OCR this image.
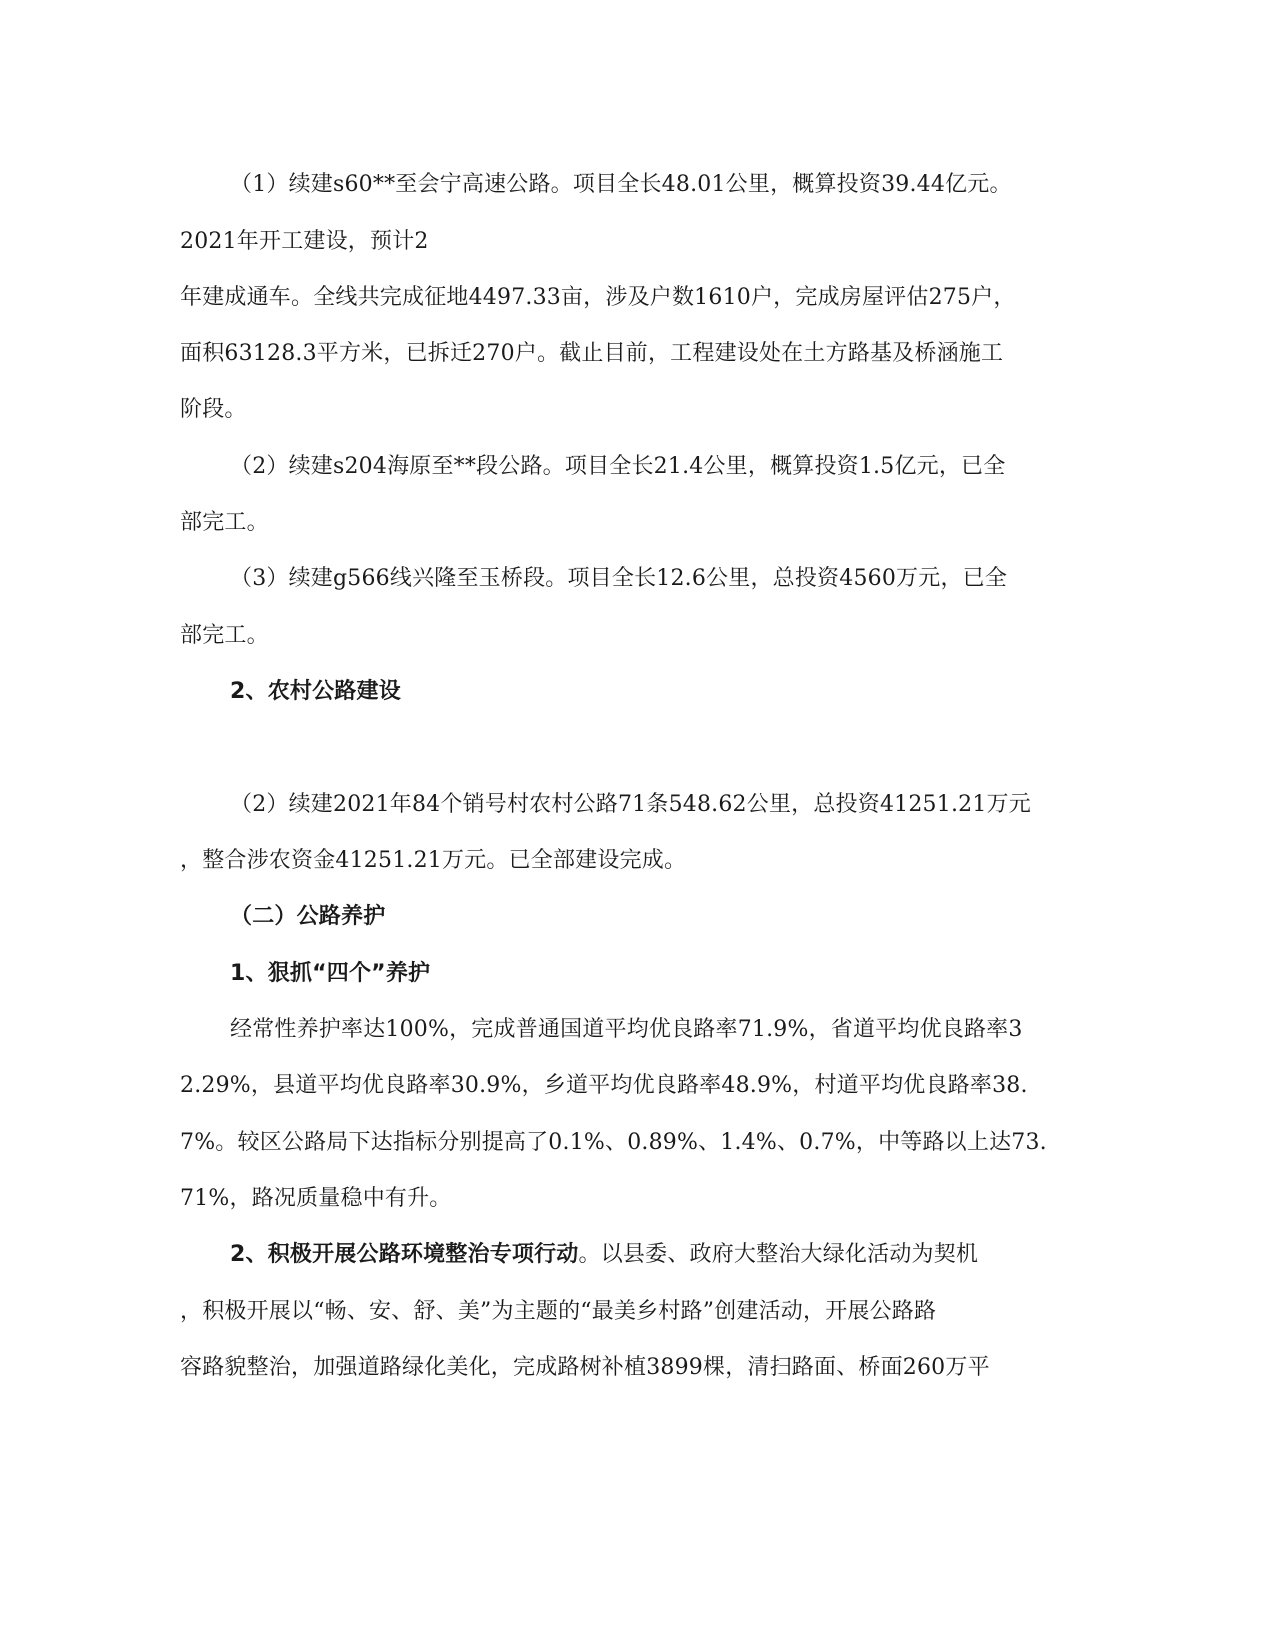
（1）续建s60**至会宁高速公路。项目全长48.01公里，概算投资39.44亿元。
2021年开工建设，预计2
年建成通车。全线共完成征地4497.33亩，涉及户数1610户，完成房屋评估275户，
面积63128.3平方米，已拆迁270户。截止目前，工程建设处在土方路基及桥涵施工
阶段。
（2）续建s204海原至**段公路。项目全长21.4公里，概算投资1.5亿元，已全
部完工。
（3）续建g566线兴隆至玉桥段。项目全长12.6公里，总投资4560万元，已全
部完工。
2、农村公路建设
（2）续建2021年84个销号村农村公路71条548.62公里，总投资41251.21万元
，整合涉农资金41251.21万元。已全部建设完成。
（二）公路养护
1、狠抓“四个”养护
经常性养护率达100%，完成普通国道平均优良路率71.9%，省道平均优良路率3
2.29%，县道平均优良路率30.9%，乡道平均优良路率48.9%，村道平均优良路率38.
7%。较区公路局下达指标分别提高了0.1%、0.89%、1.4%、0.7%，中等路以上达73.
71%，路况质量稳中有升。
2、积极开展公路环境整治专项行动。以县委、政府大整治大绿化活动为契机
，积极开展以“畅、安、舒、美”为主题的“最美乡村路”创建活动，开展公路路
容路貌整治，加强道路绿化美化，完成路树补植3899棵，清扫路面、桥面260万平
